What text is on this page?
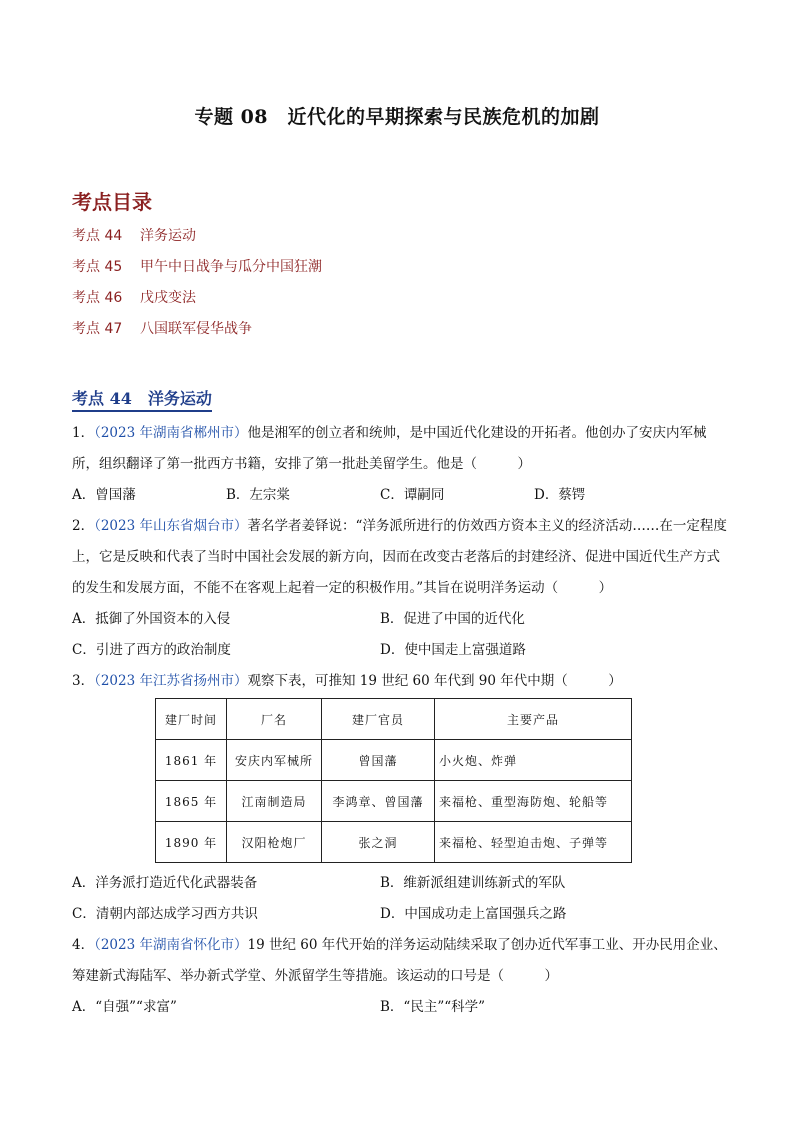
专题 08　近代化的早期探索与民族危机的加剧
考点目录
考点 44 洋务运动
考点 45 甲午中日战争与瓜分中国狂潮
考点 46 戊戌变法
考点 47 八国联军侵华战争
考点 44　洋务运动
1．（2023 年湖南省郴州市）他是湘军的创立者和统帅，是中国近代化建设的开拓者。他创办了安庆内军械所，组织翻译了第一批西方书籍，安排了第一批赴美留学生。他是（　　　）
A．曾国藩	B．左宗棠	C．谭嗣同	D．蔡锷
2．（2023 年山东省烟台市）著名学者姜铎说：“洋务派所进行的仿效西方资本主义的经济活动……在一定程度上，它是反映和代表了当时中国社会发展的新方向，因而在改变古老落后的封建经济、促进中国近代生产方式的发生和发展方面，不能不在客观上起着一定的积极作用。”其旨在说明洋务运动（　　　）
A．抵御了外国资本的入侵	B．促进了中国的近代化
C．引进了西方的政治制度	D．使中国走上富强道路
3．（2023 年江苏省扬州市）观察下表，可推知 19 世纪 60 年代到 90 年代中期（　　　）
建厂时间	厂名	建厂官员	主要产品
1861 年	安庆内军械所	曾国藩	小火炮、炸弹
1865 年	江南制造局	李鸿章、曾国藩	来福枪、重型海防炮、轮船等
1890 年	汉阳枪炮厂	张之洞	来福枪、轻型迫击炮、子弹等
A．洋务派打造近代化武器装备	B．维新派组建训练新式的军队
C．清朝内部达成学习西方共识	D．中国成功走上富国强兵之路
4．（2023 年湖南省怀化市）19 世纪 60 年代开始的洋务运动陆续采取了创办近代军事工业、开办民用企业、筹建新式海陆军、举办新式学堂、外派留学生等措施。该运动的口号是（　　　）
A．“自强”“求富”	B．“民主”“科学”
